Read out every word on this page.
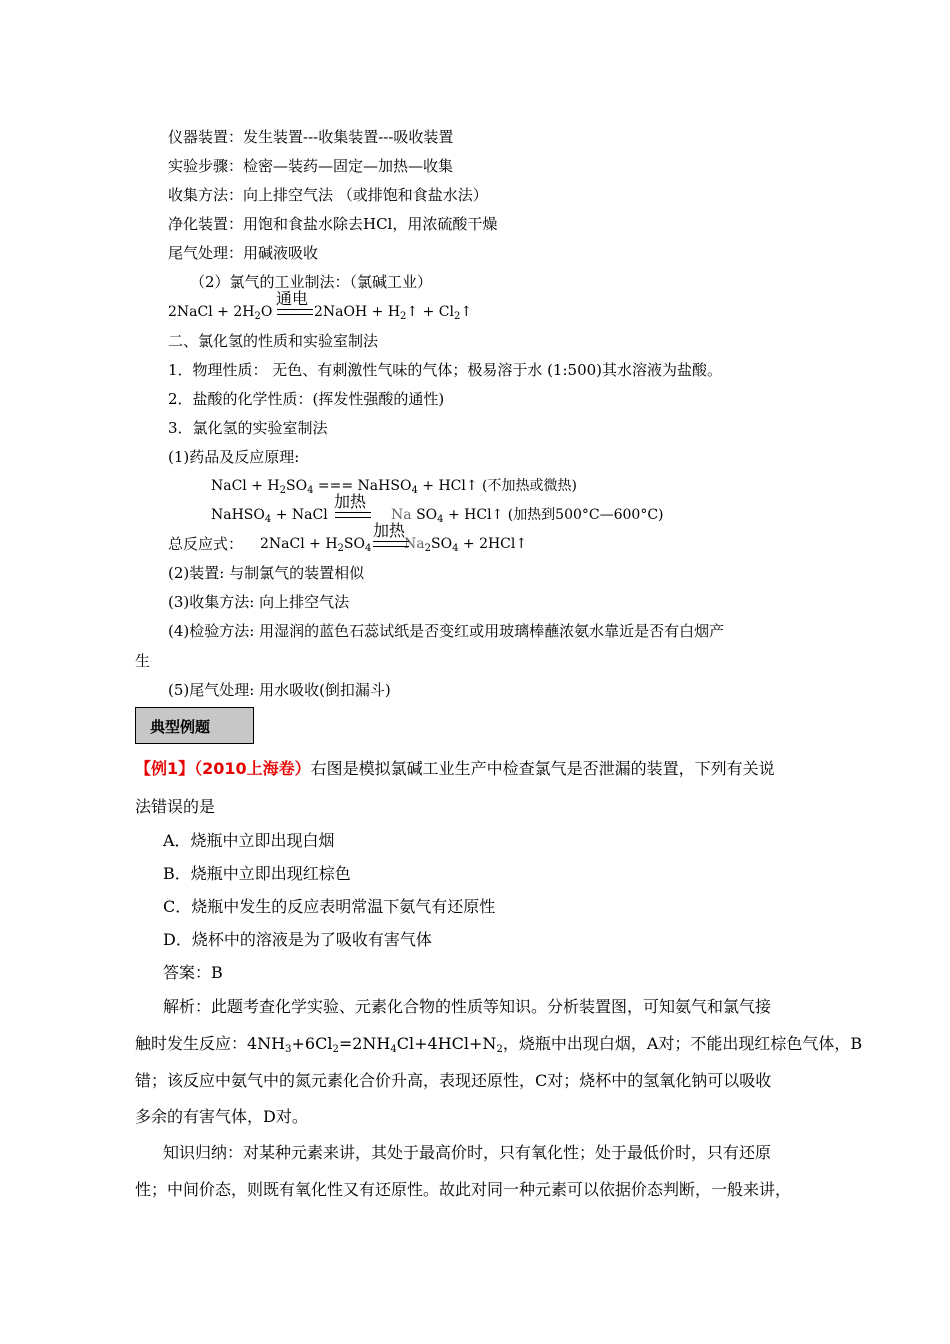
仪器装置：发生装置---收集装置---吸收装置
实验步骤：检密—装药—固定—加热—收集
收集方法：向上排空气法 （或排饱和食盐水法）
净化装置：用饱和食盐水除去HCl，用浓硫酸干燥
尾气处理：用碱液吸收
（2）氯气的工业制法：（氯碱工业）
2NaCl + $2H_2O$
通电
2NaOH + $H_2↑$ + $Cl_2↑$
二、氯化氢的性质和实验室制法
1．物理性质： 无色、有刺激性气味的气体；极易溶于水 (1:500)其水溶液为盐酸。
2．盐酸的化学性质：(挥发性强酸的通性)
3．氯化氢的实验室制法
(1)药品及反应原理:
NaCl + $H_2SO_4$ === NaHSO$_4$ + HCl↑ (不加热或微热)
NaHSO$_4$ + NaCl
加热
Na $SO_4$ + HCl↑ (加热到500°C—600°C)
总反应式： 2NaCl + $H_2SO_4$
加热
$Na_2SO_4$ + 2HCl↑
(2)装置: 与制氯气的装置相似
(3)收集方法: 向上排空气法
(4)检验方法: 用湿润的蓝色石蕊试纸是否变红或用玻璃棒蘸浓氨水靠近是否有白烟产
生
(5)尾气处理: 用水吸收(倒扣漏斗)
典型例题
【例1】（2010上海卷）右图是模拟氯碱工业生产中检查氯气是否泄漏的装置，下列有关说
法错误的是
A．烧瓶中立即出现白烟
B．烧瓶中立即出现红棕色
C．烧瓶中发生的反应表明常温下氨气有还原性
D．烧杯中的溶液是为了吸收有害气体
答案：B
解析：此题考查化学实验、元素化合物的性质等知识。分析装置图，可知氨气和氯气接
触时发生反应：$4NH_3+6Cl_2=2NH_4Cl+4HCl+N_2$，烧瓶中出现白烟，A对；不能出现红棕色气体，B
错；该反应中氨气中的氮元素化合价升高，表现还原性，C对；烧杯中的氢氧化钠可以吸收
多余的有害气体，D对。
知识归纳：对某种元素来讲，其处于最高价时，只有氧化性；处于最低价时，只有还原
性；中间价态，则既有氧化性又有还原性。故此对同一种元素可以依据价态判断，一般来讲，
